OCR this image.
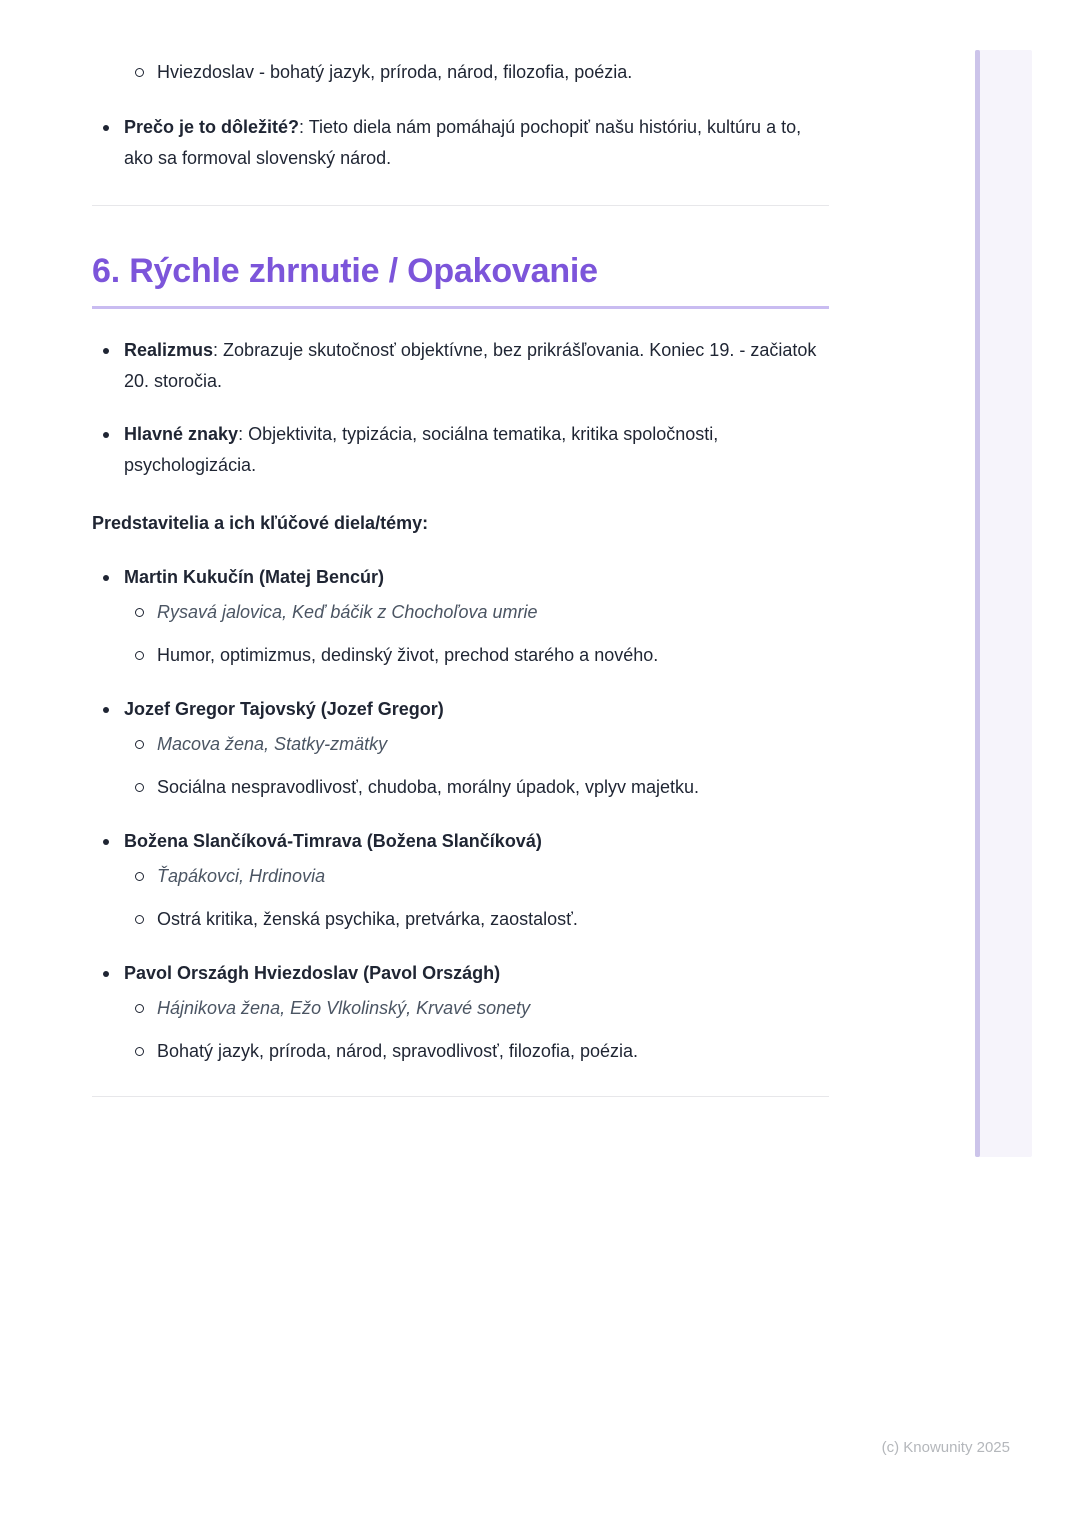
Hviezdoslav - bohatý jazyk, príroda, národ, filozofia, poézia.
Prečo je to dôležité?: Tieto diela nám pomáhajú pochopiť našu históriu, kultúru a to, ako sa formoval slovenský národ.
6. Rýchle zhrnutie / Opakovanie
Realizmus: Zobrazuje skutočnosť objektívne, bez prikrášľovania. Koniec 19. - začiatok 20. storočia.
Hlavné znaky: Objektivita, typizácia, sociálna tematika, kritika spoločnosti, psychologizácia.

Predstavitelia a ich kľúčové diela/témy:

Martin Kukučín (Matej Bencúr)
Rysavá jalovica, Keď báčik z Chochoľova umrie
Humor, optimizmus, dedinský život, prechod starého a nového.
Jozef Gregor Tajovský (Jozef Gregor)
Macova žena, Statky-zmätky
Sociálna nespravodlivosť, chudoba, morálny úpadok, vplyv majetku.
Božena Slančíková-Timrava (Božena Slančíková)
Ťapákovci, Hrdinovia
Ostrá kritika, ženská psychika, pretvárka, zaostalosť.
Pavol Országh Hviezdoslav (Pavol Országh)
Hájnikova žena, Ežo Vlkolinský, Krvavé sonety
Bohatý jazyk, príroda, národ, spravodlivosť, filozofia, poézia.
(c) Knowunity 2025
